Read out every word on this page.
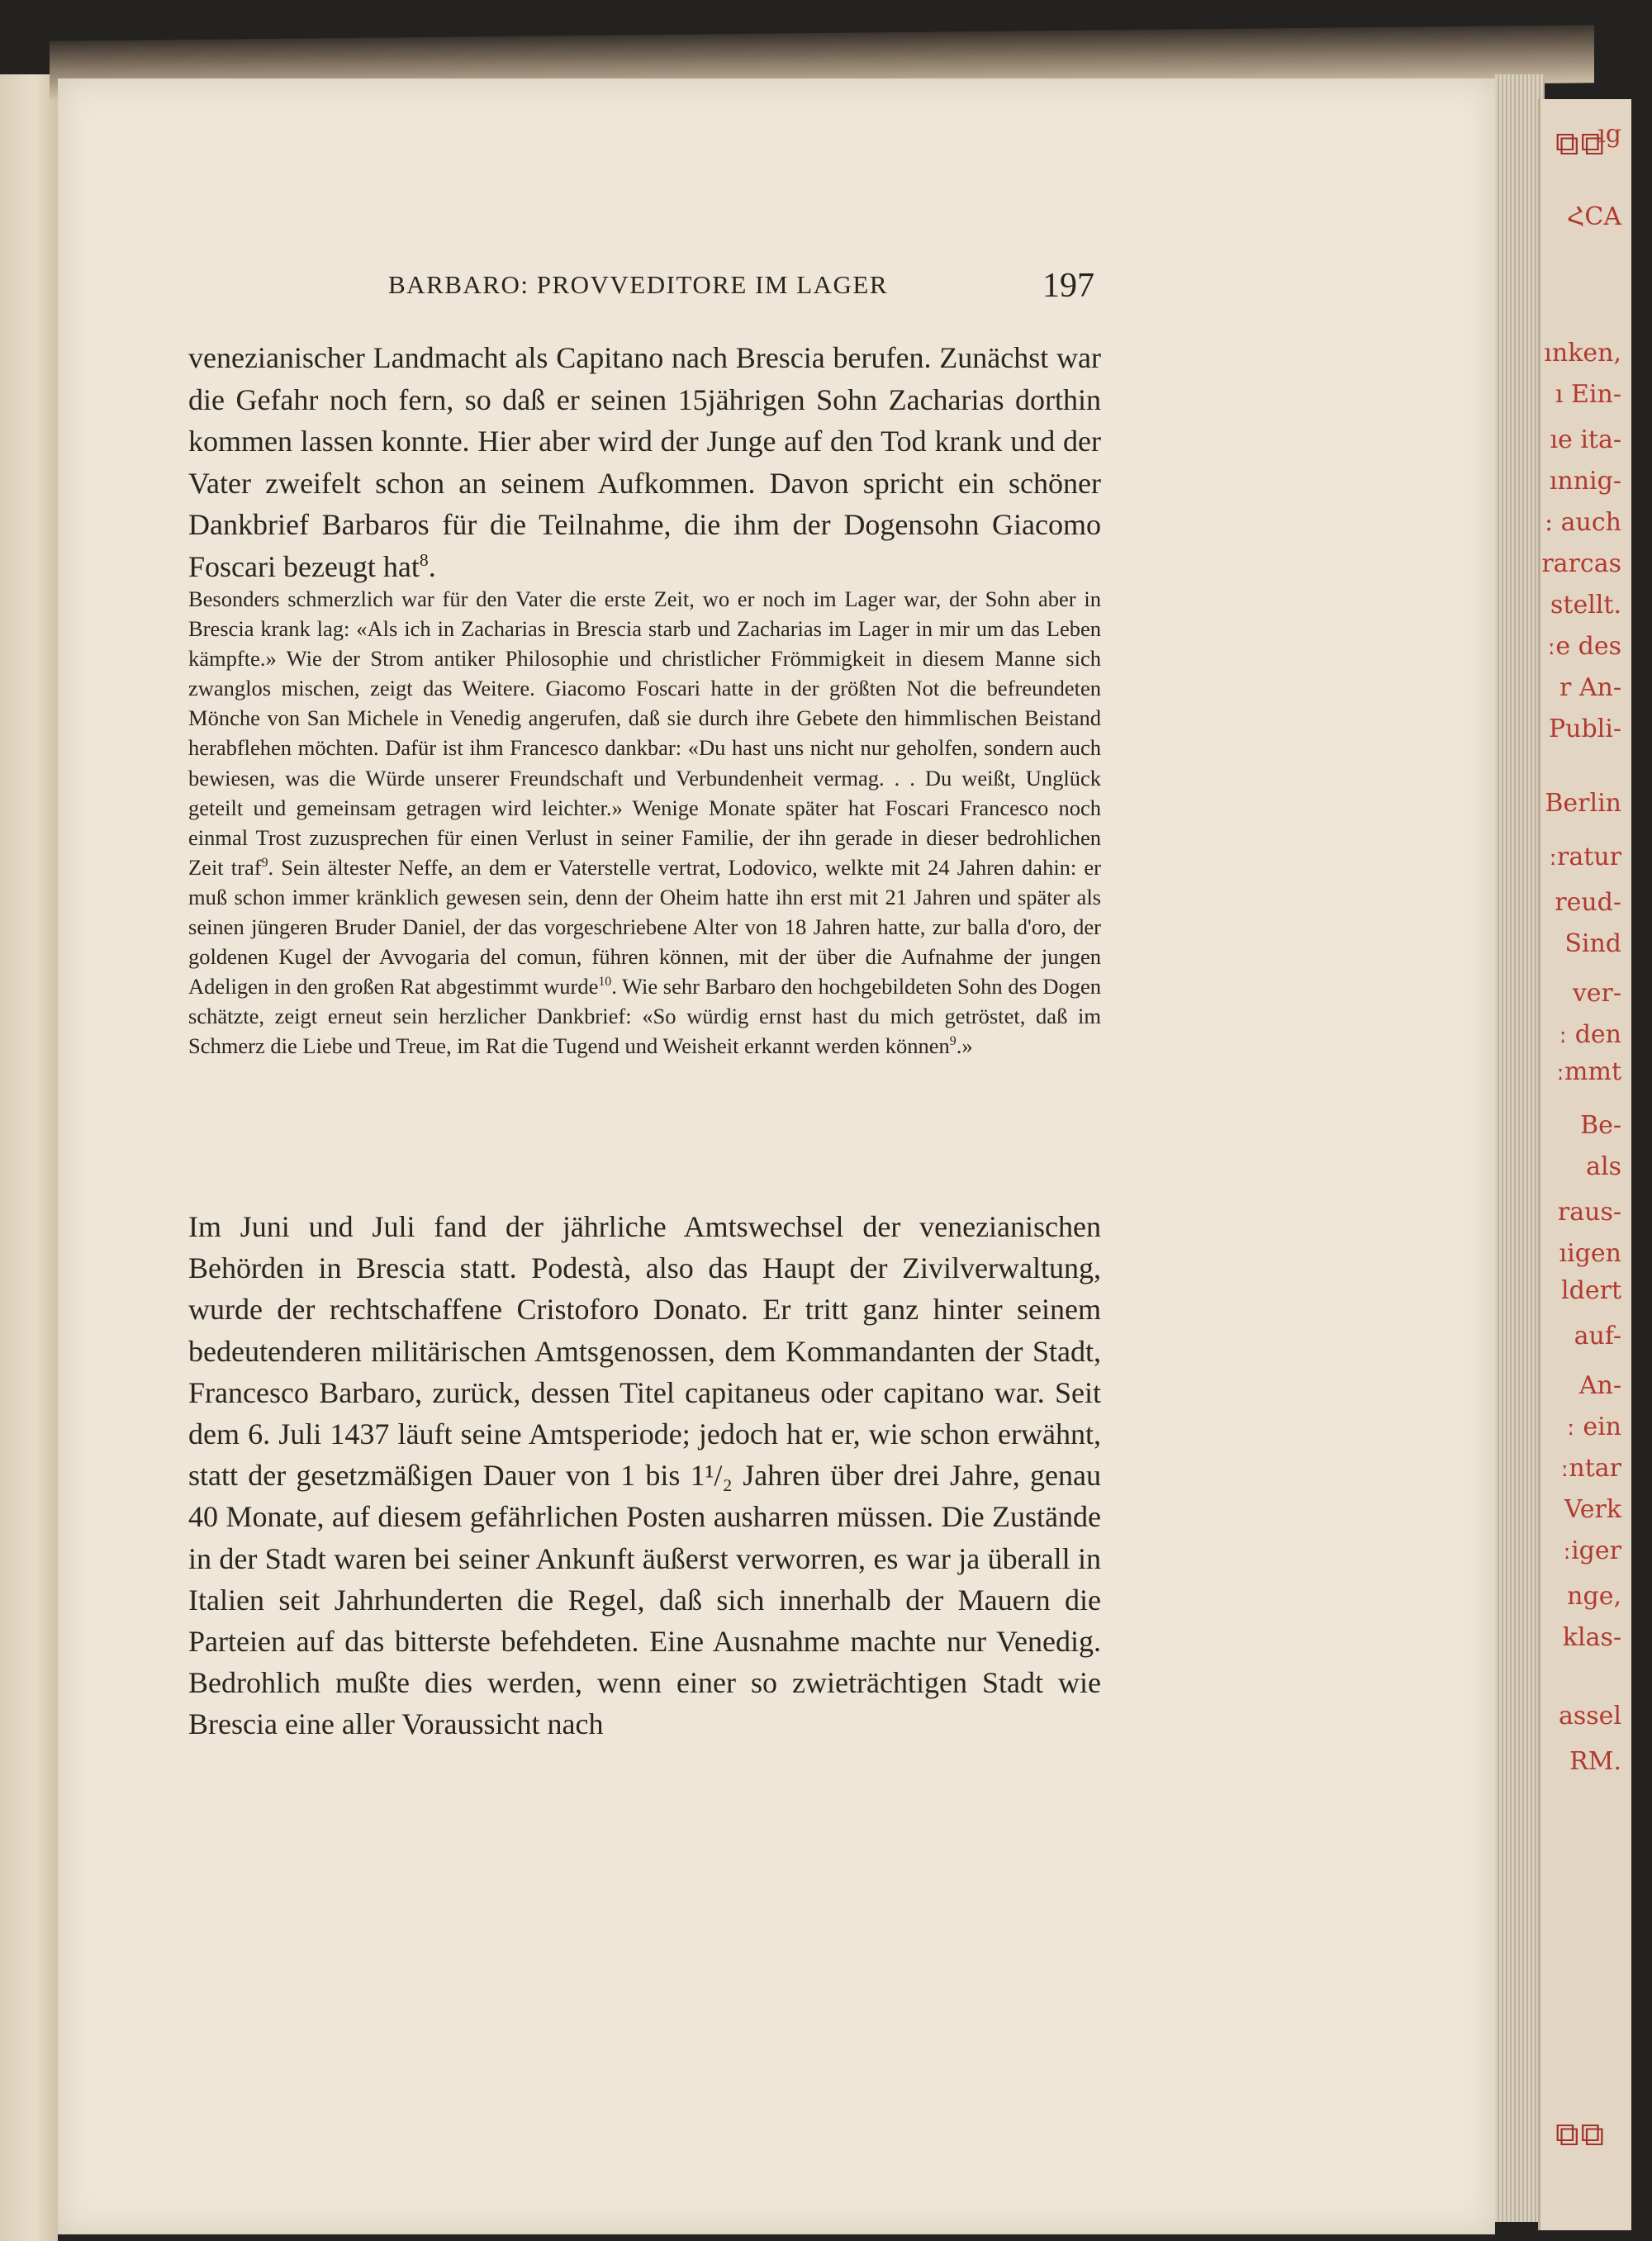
⧉⧉
⧉⧉
ıg
ՀCA
ınken,
ı Ein-
ıe ita-
ınnig-
: auch
rarcas
stellt.
ːe des
r An-
Publi-
Berlin
ːratur
reud-
Sind
ver-
ː den
ːmmt
Be-
als
raus-
ıigen
ldert
auf-
An-
ː ein
ːntar
Verk
ːiger
nge,
klas-
assel
RM.
BARBARO: PROVVEDITORE IM LAGER	197

venezianischer Landmacht als Capitano nach Brescia berufen. Zunächst war die Gefahr noch fern, so daß er seinen 15jährigen Sohn Zacharias dorthin kommen lassen konnte. Hier aber wird der Junge auf den Tod krank und der Vater zweifelt schon an seinem Aufkommen. Davon spricht ein schöner Dankbrief Barbaros für die Teilnahme, die ihm der Dogensohn Giacomo Foscari bezeugt hat$^8$.

Besonders schmerzlich war für den Vater die erste Zeit, wo er noch im Lager war, der Sohn aber in Brescia krank lag: «Als ich in Zacharias in Brescia starb und Zacharias im Lager in mir um das Leben kämpfte.» Wie der Strom antiker Philosophie und christlicher Frömmigkeit in diesem Manne sich zwanglos mischen, zeigt das Weitere. Giacomo Foscari hatte in der größten Not die befreundeten Mönche von San Michele in Venedig angerufen, daß sie durch ihre Gebete den himmlischen Beistand herabflehen möchten. Dafür ist ihm Francesco dankbar: «Du hast uns nicht nur geholfen, sondern auch bewiesen, was die Würde unserer Freundschaft und Verbundenheit vermag. . . Du weißt, Unglück geteilt und gemeinsam getragen wird leichter.» Wenige Monate später hat Foscari Francesco noch einmal Trost zuzusprechen für einen Verlust in seiner Familie, der ihn gerade in dieser bedrohlichen Zeit traf$^9$. Sein ältester Neffe, an dem er Vaterstelle vertrat, Lodovico, welkte mit 24 Jahren dahin: er muß schon immer kränklich gewesen sein, denn der Oheim hatte ihn erst mit 21 Jahren und später als seinen jüngeren Bruder Daniel, der das vorgeschriebene Alter von 18 Jahren hatte, zur balla d'oro, der goldenen Kugel der Avvogaria del comun, führen können, mit der über die Aufnahme der jungen Adeligen in den großen Rat abgestimmt wurde$^{10}$. Wie sehr Barbaro den hochgebildeten Sohn des Dogen schätzte, zeigt erneut sein herzlicher Dankbrief: «So würdig ernst hast du mich getröstet, daß im Schmerz die Liebe und Treue, im Rat die Tugend und Weisheit erkannt werden können$^9$.»

Im Juni und Juli fand der jährliche Amtswechsel der venezianischen Behörden in Brescia statt. Podestà, also das Haupt der Zivilverwaltung, wurde der rechtschaffene Cristoforo Donato. Er tritt ganz hinter seinem bedeutenderen militärischen Amtsgenossen, dem Kommandanten der Stadt, Francesco Barbaro, zurück, dessen Titel capitaneus oder capitano war. Seit dem 6. Juli 1437 läuft seine Amtsperiode; jedoch hat er, wie schon erwähnt, statt der gesetzmäßigen Dauer von 1 bis 1¹/₂ Jahren über drei Jahre, genau 40 Monate, auf diesem gefährlichen Posten ausharren müssen. Die Zustände in der Stadt waren bei seiner Ankunft äußerst verworren, es war ja überall in Italien seit Jahrhunderten die Regel, daß sich innerhalb der Mauern die Parteien auf das bitterste befehdeten. Eine Ausnahme machte nur Venedig. Bedrohlich mußte dies werden, wenn einer so zwieträchtigen Stadt wie Brescia eine aller Voraussicht nach
